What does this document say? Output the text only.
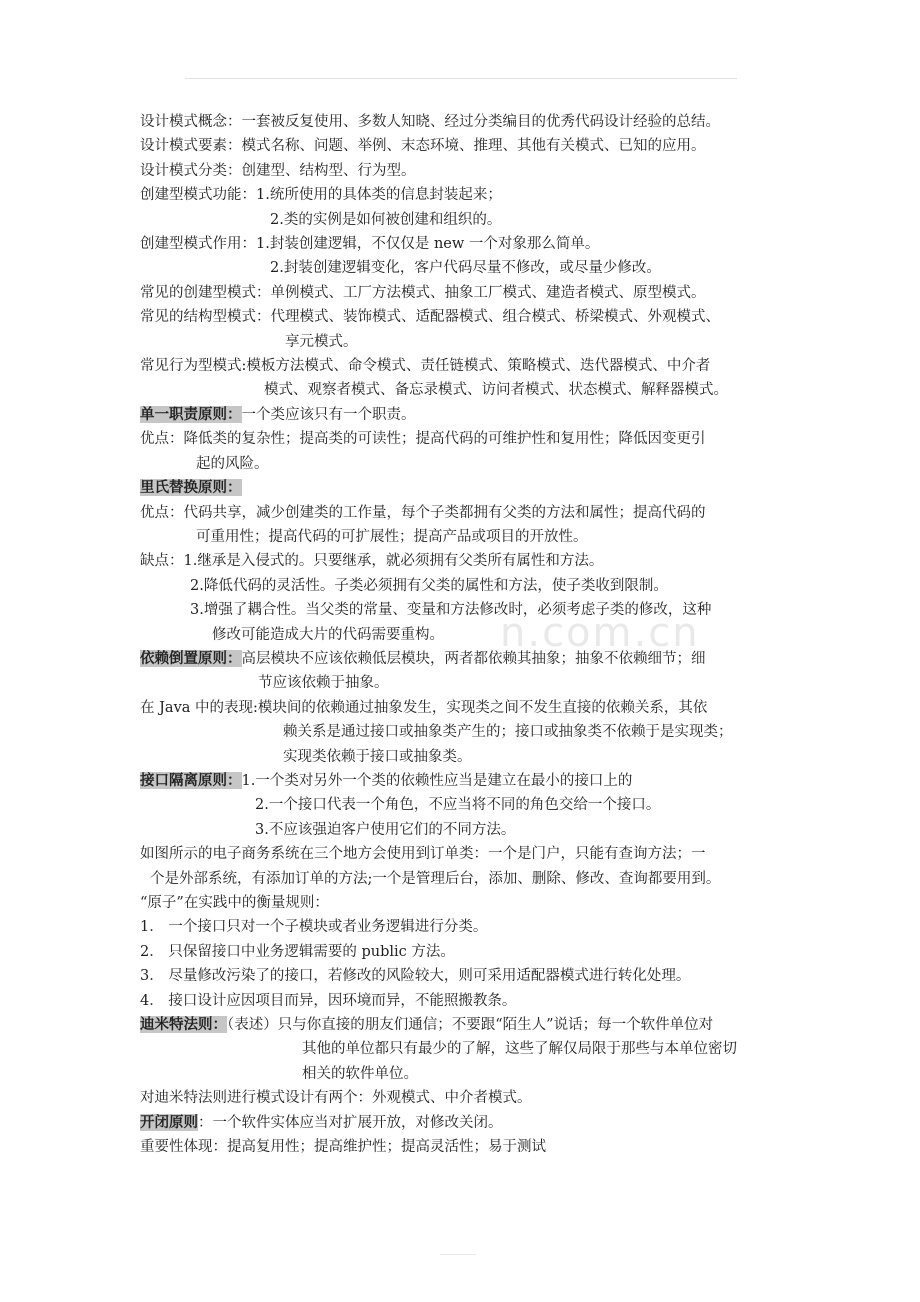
n.com.cn
设计模式概念：一套被反复使用、多数人知晓、经过分类编目的优秀代码设计经验的总结。
设计模式要素：模式名称、问题、举例、末态环境、推理、其他有关模式、已知的应用。
设计模式分类：创建型、结构型、行为型。
创建型模式功能：1.统所使用的具体类的信息封装起来；
2.类的实例是如何被创建和组织的。
创建型模式作用：1.封装创建逻辑，不仅仅是 new 一个对象那么简单。
2.封装创建逻辑变化，客户代码尽量不修改，或尽量少修改。
常见的创建型模式：单例模式、工厂方法模式、抽象工厂模式、建造者模式、原型模式。
常见的结构型模式：代理模式、装饰模式、适配器模式、组合模式、桥梁模式、外观模式、
享元模式。
常见行为型模式:模板方法模式、命令模式、责任链模式、策略模式、迭代器模式、中介者
模式、观察者模式、备忘录模式、访问者模式、状态模式、解释器模式。
单一职责原则：一个类应该只有一个职责。
优点：降低类的复杂性；提高类的可读性；提高代码的可维护性和复用性；降低因变更引
起的风险。
里氏替换原则：
优点：代码共享，减少创建类的工作量，每个子类都拥有父类的方法和属性；提高代码的
可重用性；提高代码的可扩展性；提高产品或项目的开放性。
缺点：1.继承是入侵式的。只要继承，就必须拥有父类所有属性和方法。
2.降低代码的灵活性。子类必须拥有父类的属性和方法，使子类收到限制。
3.增强了耦合性。当父类的常量、变量和方法修改时，必须考虑子类的修改，这种
修改可能造成大片的代码需要重构。
依赖倒置原则：高层模块不应该依赖低层模块，两者都依赖其抽象；抽象不依赖细节；细
节应该依赖于抽象。
在 Java 中的表现:模块间的依赖通过抽象发生，实现类之间不发生直接的依赖关系，其依
赖关系是通过接口或抽象类产生的；接口或抽象类不依赖于是实现类；
实现类依赖于接口或抽象类。
接口隔离原则：1.一个类对另外一个类的依赖性应当是建立在最小的接口上的
2.一个接口代表一个角色，不应当将不同的角色交给一个接口。
3.不应该强迫客户使用它们的不同方法。
如图所示的电子商务系统在三个地方会使用到订单类：一个是门户，只能有查询方法；一
个是外部系统，有添加订单的方法;一个是管理后台，添加、删除、修改、查询都要用到。
“原子”在实践中的衡量规则：
1． 一个接口只对一个子模块或者业务逻辑进行分类。
2． 只保留接口中业务逻辑需要的 public 方法。
3． 尽量修改污染了的接口，若修改的风险较大，则可采用适配器模式进行转化处理。
4． 接口设计应因项目而异，因环境而异，不能照搬教条。
迪米特法则：（表述）只与你直接的朋友们通信；不要跟“陌生人”说话；每一个软件单位对
其他的单位都只有最少的了解，这些了解仅局限于那些与本单位密切
相关的软件单位。
对迪米特法则进行模式设计有两个：外观模式、中介者模式。
开闭原则：一个软件实体应当对扩展开放，对修改关闭。
重要性体现：提高复用性；提高维护性；提高灵活性；易于测试
